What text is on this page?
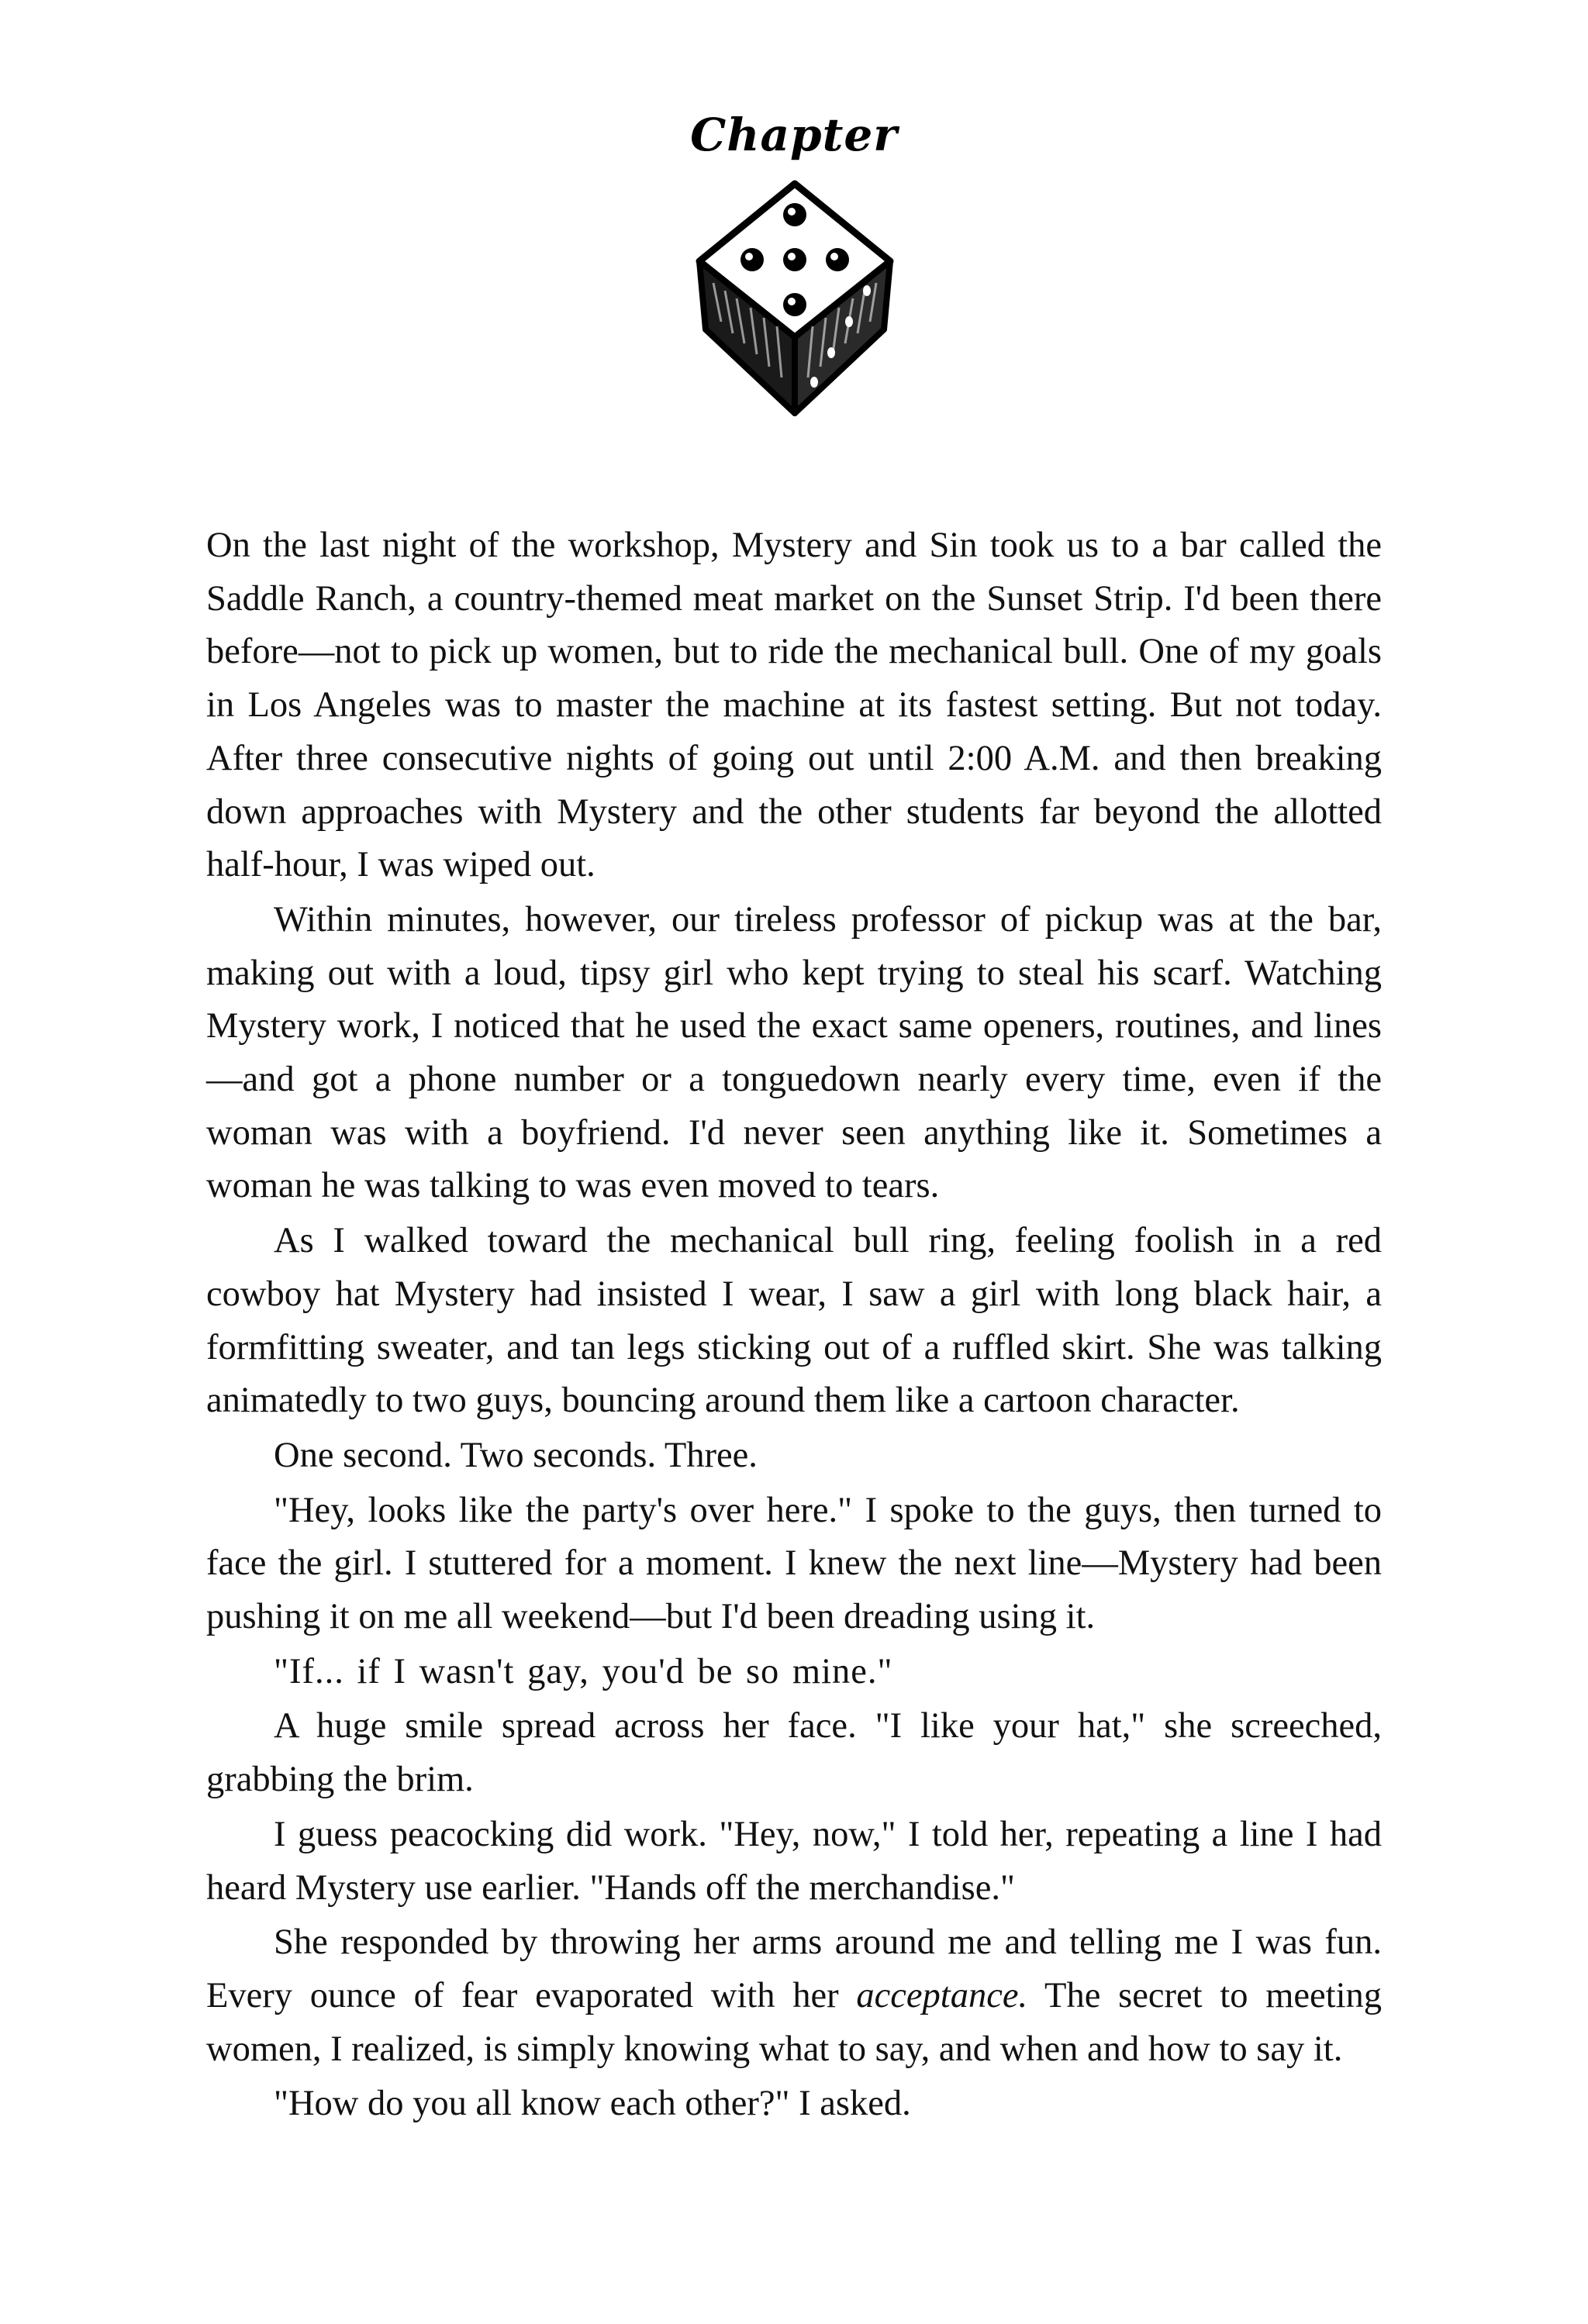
Chapter

On the last night of the workshop, Mystery and Sin took us to a bar called the Saddle Ranch, a country-themed meat market on the Sunset Strip. I'd been there before—not to pick up women, but to ride the mechanical bull. One of my goals in Los Angeles was to master the machine at its fastest setting. But not today. After three consecutive nights of going out until 2:00 A.M. and then breaking down approaches with Mystery and the other students far beyond the allotted half-hour, I was wiped out.

Within minutes, however, our tireless professor of pickup was at the bar, making out with a loud, tipsy girl who kept trying to steal his scarf. Watching Mystery work, I noticed that he used the exact same openers, routines, and lines—and got a phone number or a tonguedown nearly every time, even if the woman was with a boyfriend. I'd never seen anything like it. Sometimes a woman he was talking to was even moved to tears.

As I walked toward the mechanical bull ring, feeling foolish in a red cowboy hat Mystery had insisted I wear, I saw a girl with long black hair, a formfitting sweater, and tan legs sticking out of a ruffled skirt. She was talking animatedly to two guys, bouncing around them like a cartoon character.

One second. Two seconds. Three.

"Hey, looks like the party's over here." I spoke to the guys, then turned to face the girl. I stuttered for a moment. I knew the next line—Mystery had been pushing it on me all weekend—but I'd been dreading using it.

"If... if I wasn't gay, you'd be so mine."

A huge smile spread across her face. "I like your hat," she screeched, grabbing the brim.

I guess peacocking did work. "Hey, now," I told her, repeating a line I had heard Mystery use earlier. "Hands off the merchandise."

She responded by throwing her arms around me and telling me I was fun. Every ounce of fear evaporated with her acceptance. The secret to meeting women, I realized, is simply knowing what to say, and when and how to say it.

"How do you all know each other?" I asked.
